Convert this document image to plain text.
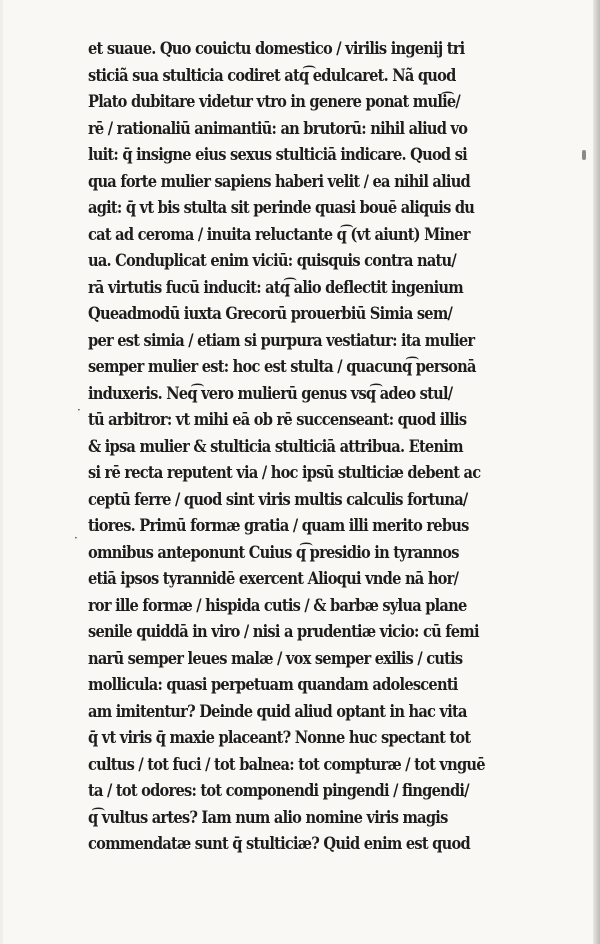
·
·
et suaue. Quo couictu domestico / virilis ingenij tri
sticiã sua stulticia codiret atq͡ edulcaret. Nã quod
Plato dubitare videtur vtro in genere ponat muli͡e/
rē / rationaliū animantiū: an brutorū: nihil aliud vo
luit: q̄ insigne eius sexus stulticiā indicare. Quod si
qua forte mulier sapiens haberi velit / ea nihil aliud
agit: q̄ vt bis stulta sit perinde quasi bouē aliquis du
cat ad ceroma / inuita reluctante q͡ (vt aiunt) Miner
ua. Conduplicat enim viciū: quisquis contra natu/
rā virtutis fucū inducit: atq͡ alio deflectit ingenium
Queadmodū iuxta Grecorū prouerbiū Simia sem/
per est simia / etiam si purpura vestiatur: ita mulier
semper mulier est: hoc est stulta / quacunq͡ personā
induxeris. Neq͡ vero mulierū genus vsq͡ adeo stul/
tū arbitror: vt mihi eā ob rē succenseant: quod illis
& ipsa mulier & stulticia stulticiā attribua. Etenim
si rē recta reputent via / hoc ipsū stulticiæ debent ac
ceptū ferre / quod sint viris multis calculis fortuna/
tiores. Primū formæ gratia / quam illi merito rebus
omnibus anteponunt Cuius q͡ presidio in tyrannos
etiā ipsos tyrannidē exercent Alioqui vnde nā hor/
ror ille formæ / hispida cutis / & barbæ sylua plane
senile quiddā in viro / nisi a prudentiæ vicio: cū femi
narū semper leues malæ / vox semper exilis / cutis
mollicula: quasi perpetuam quandam adolescenti
am imitentur? Deinde quid aliud optant in hac vita
q̄ vt viris q̄ maxie placeant? Nonne huc spectant tot
cultus / tot fuci / tot balnea: tot compturæ / tot vnguē
ta / tot odores: tot componendi pingendi / fingendi/
q͡ vultus artes? Iam num alio nomine viris magis
commendatæ sunt q̄ stulticiæ? Quid enim est quod
